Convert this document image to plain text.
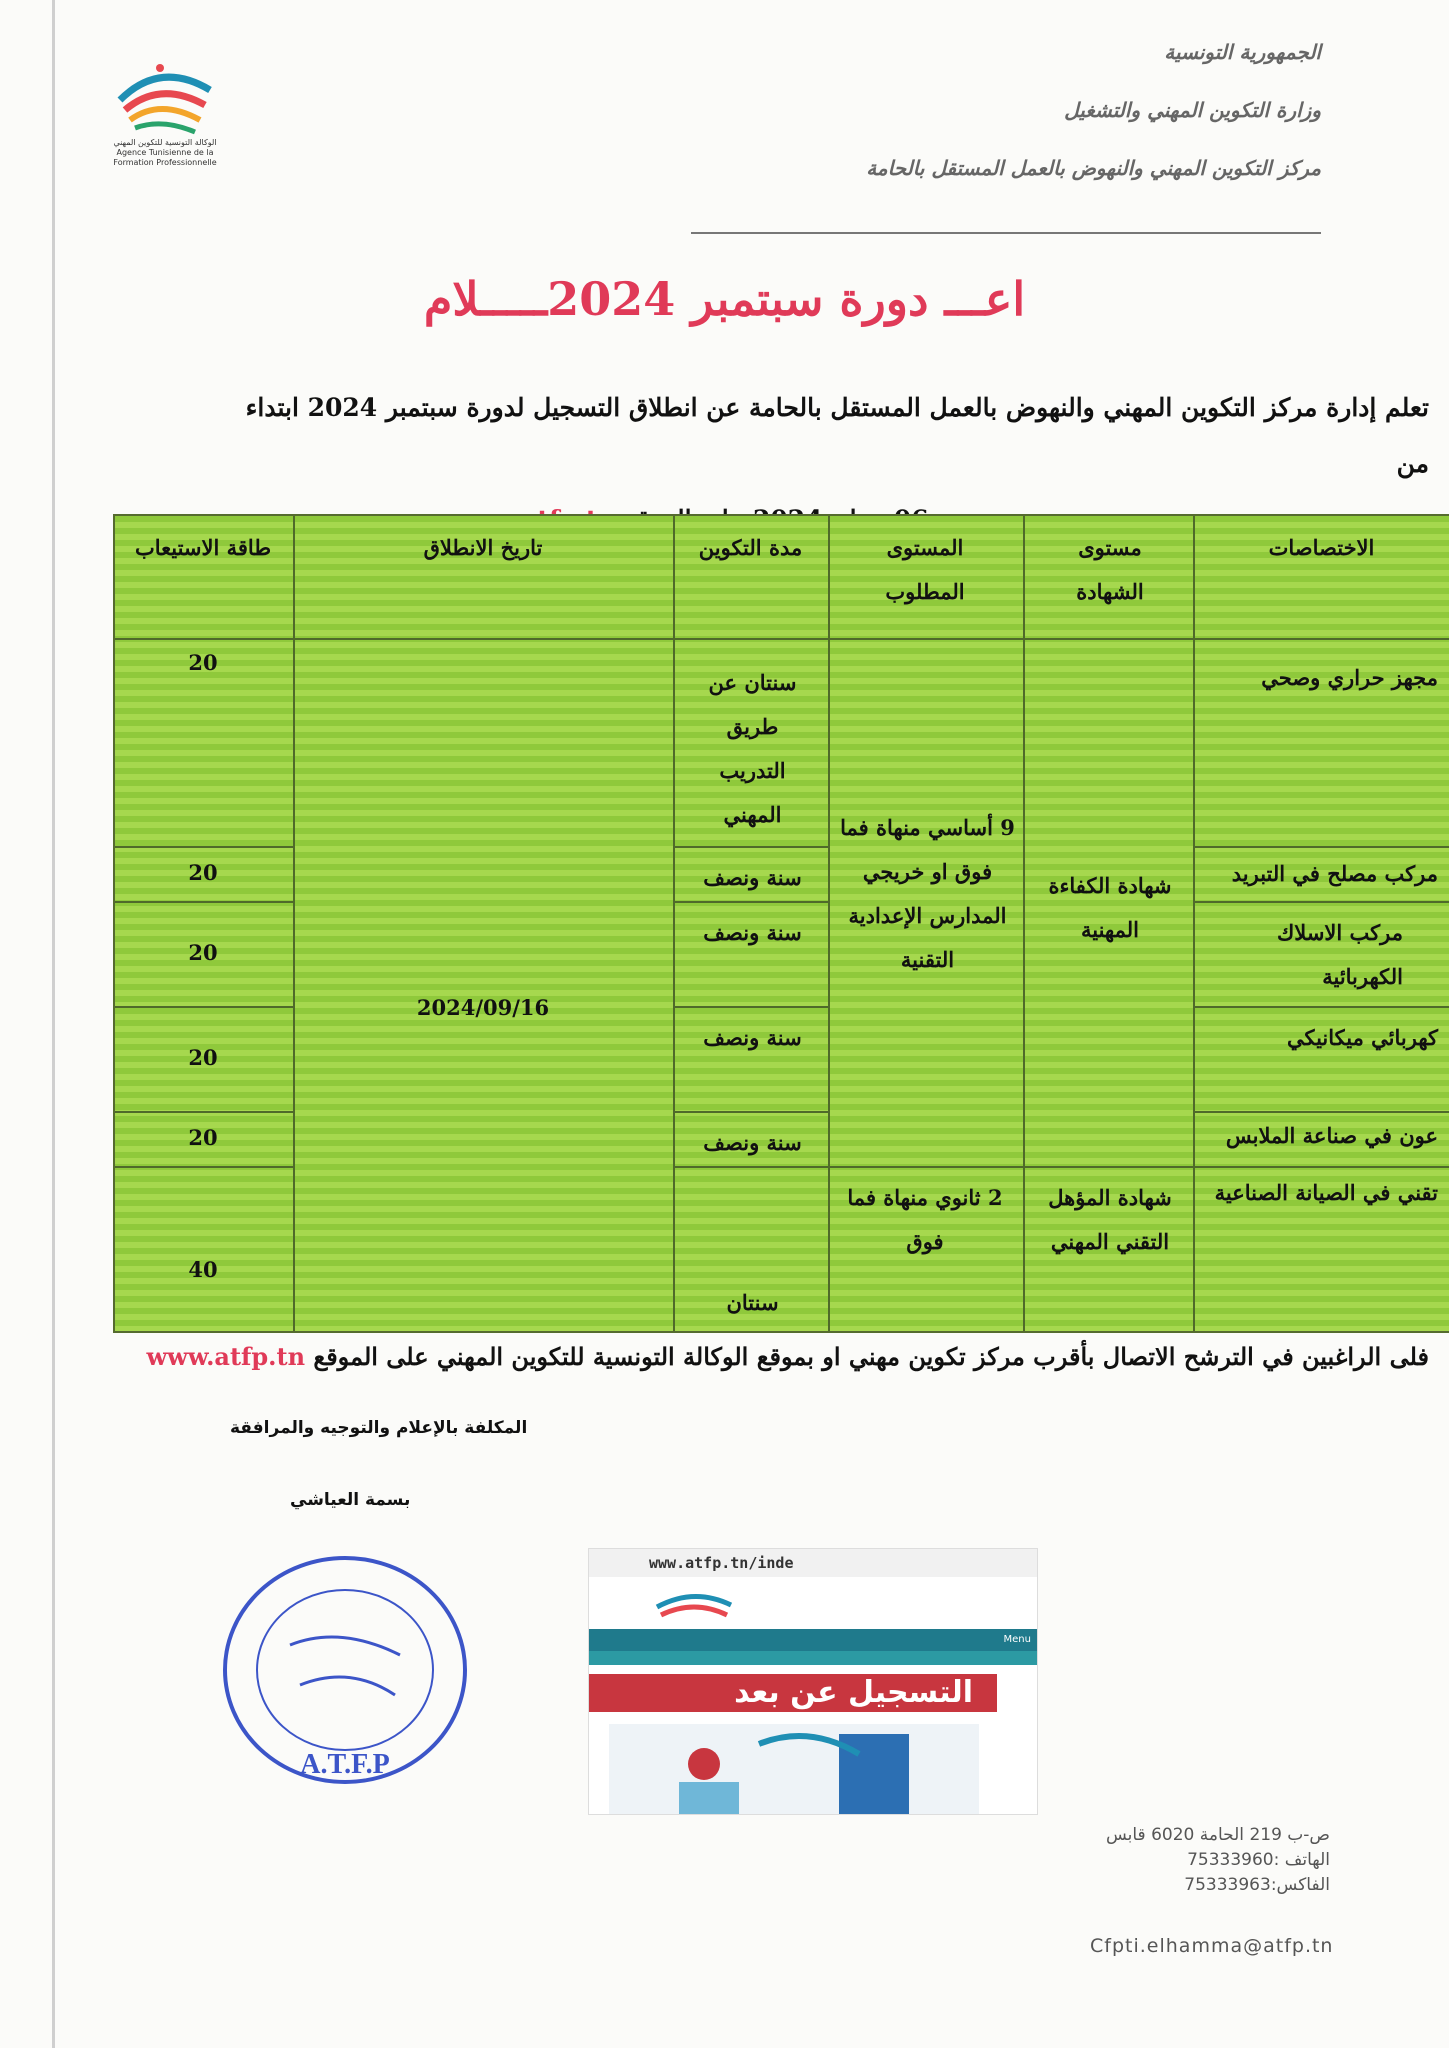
الوكالة التونسية للتكوين المهني Agence Tunisienne de la Formation Professionnelle
الجمهورية التونسية
وزارة التكوين المهني والتشغيل
مركز التكوين المهني والنهوض بالعمل المستقل بالحامة
اعـــ دورة سبتمبر 2024ـــــلام
تعلم إدارة مركز التكوين المهني والنهوض بالعمل المستقل بالحامة عن انطلاق التسجيل لدورة سبتمبر 2024 ابتداء من
الاختصاصات
مستوى الشهادة
المستوى المطلوب
مدة التكوين
تاريخ الانطلاق
طاقة الاستيعاب
مجهز حراري وصحي
مركب مصلح في التبريد
مركب الاسلاك الكهربائية
كهربائي ميكانيكي
عون في صناعة الملابس
تقني في الصيانة الصناعية
شهادة الكفاءة المهنية
شهادة المؤهل التقني المهني
9 أساسي منهاة فما فوق او خريجي المدارس الإعدادية التقنية
2 ثانوي منهاة فما فوق
سنتان عن طريق التدريب المهني
سنة ونصف
سنة ونصف
سنة ونصف
سنة ونصف
سنتان
2024/09/16
20
20
20
20
20
40
فلى الراغبين في الترشح الاتصال بأقرب مركز تكوين مهني او بموقع الوكالة التونسية للتكوين المهني على الموقع www.atfp.tn
المكلفة بالإعلام والتوجيه والمرافقة
بسمة العياشي
A.T.F.P
www.atfp.tn/inde
Menu
التسجيل عن بعد
ص-ب 219 الحامة 6020 قابس
الهاتف :75333960
الفاكس:75333963
Cfpti.elhamma@atfp.tn
